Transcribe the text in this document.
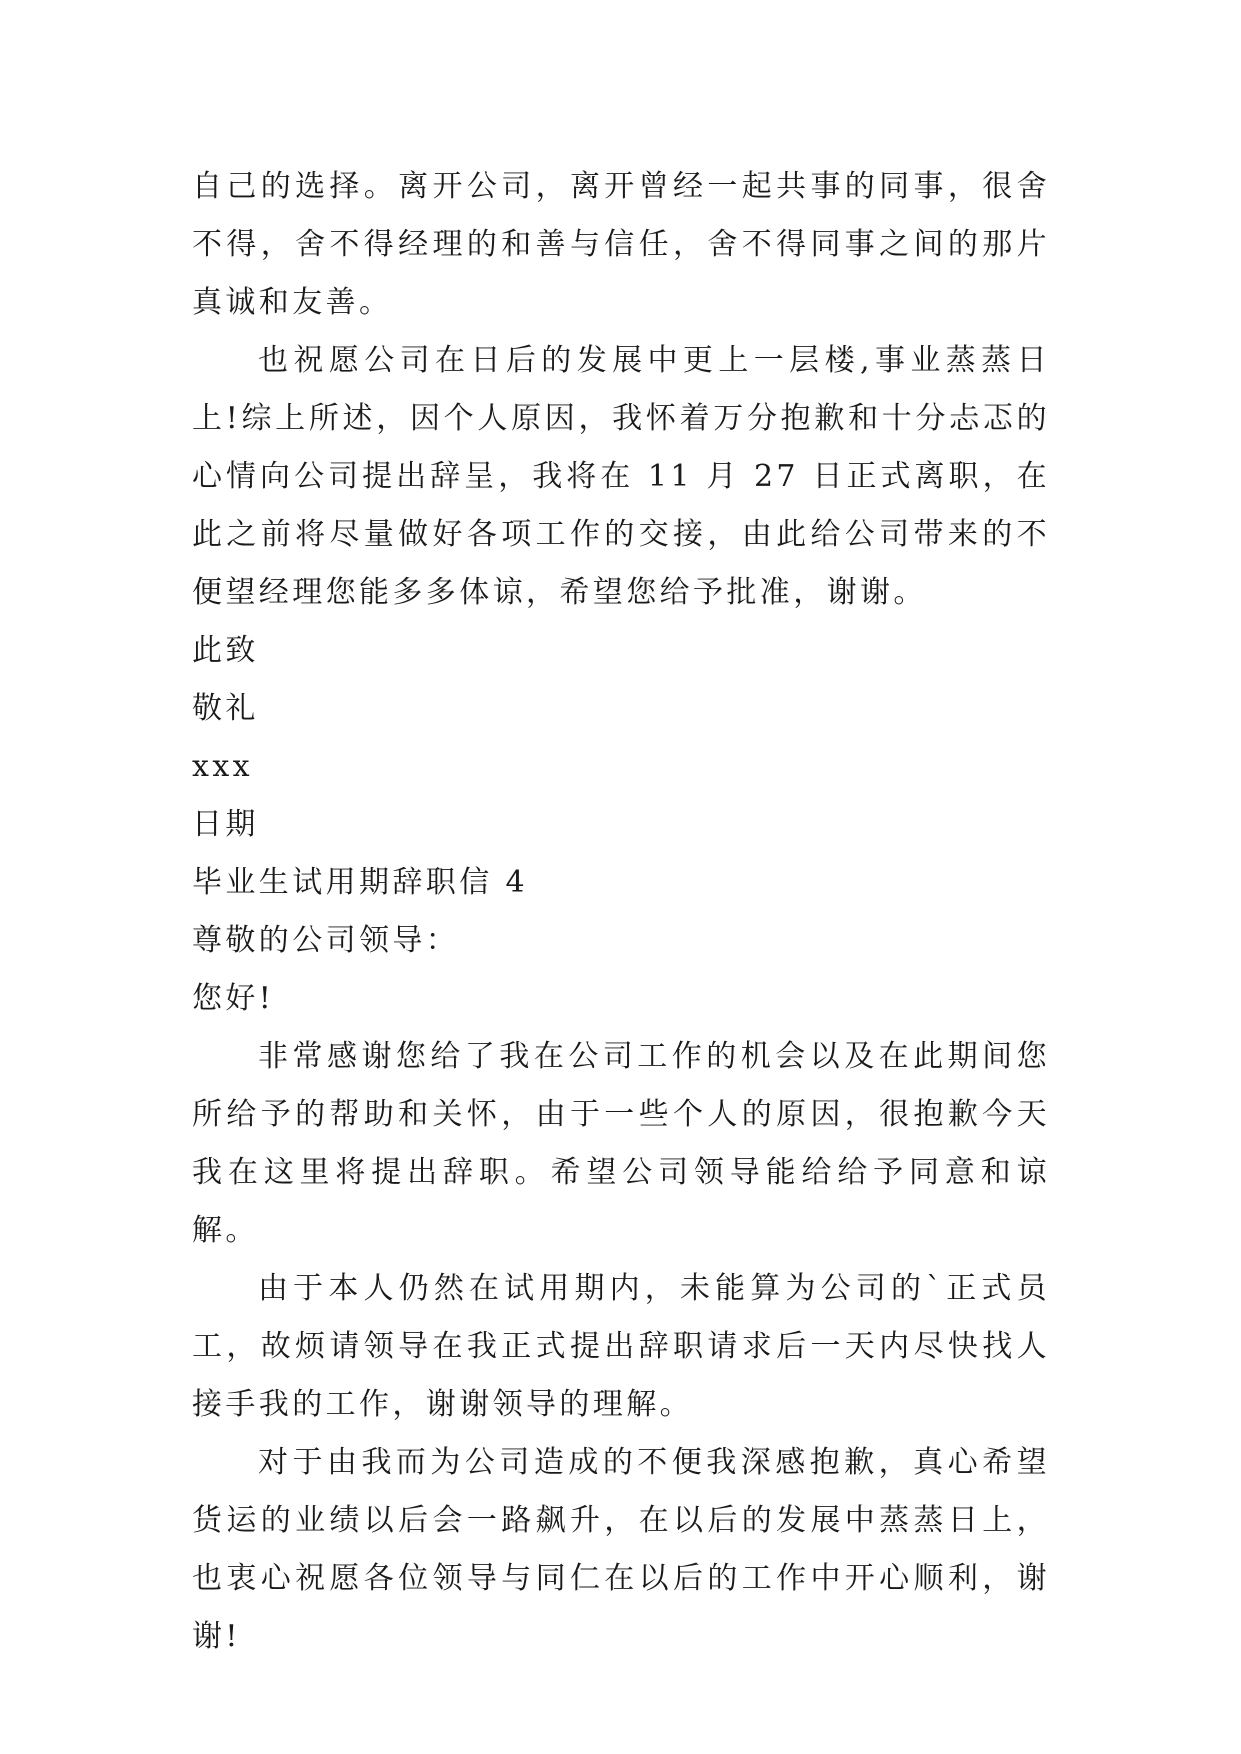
自己的选择。离开公司，离开曾经一起共事的同事，很舍不得，舍不得经理的和善与信任，舍不得同事之间的那片真诚和友善。

也祝愿公司在日后的发展中更上一层楼,事业蒸蒸日上!综上所述，因个人原因，我怀着万分抱歉和十分忐忑的心情向公司提出辞呈，我将在 11 月 27 日正式离职，在此之前将尽量做好各项工作的交接，由此给公司带来的不便望经理您能多多体谅，希望您给予批准，谢谢。

此致

敬礼

xxx

日期

毕业生试用期辞职信 4

尊敬的公司领导：

您好!

非常感谢您给了我在公司工作的机会以及在此期间您所给予的帮助和关怀，由于一些个人的原因，很抱歉今天我在这里将提出辞职。希望公司领导能给给予同意和谅解。

由于本人仍然在试用期内，未能算为公司的`正式员工，故烦请领导在我正式提出辞职请求后一天内尽快找人接手我的工作，谢谢领导的理解。

对于由我而为公司造成的不便我深感抱歉，真心希望货运的业绩以后会一路飙升，在以后的发展中蒸蒸日上，也衷心祝愿各位领导与同仁在以后的工作中开心顺利，谢谢!
